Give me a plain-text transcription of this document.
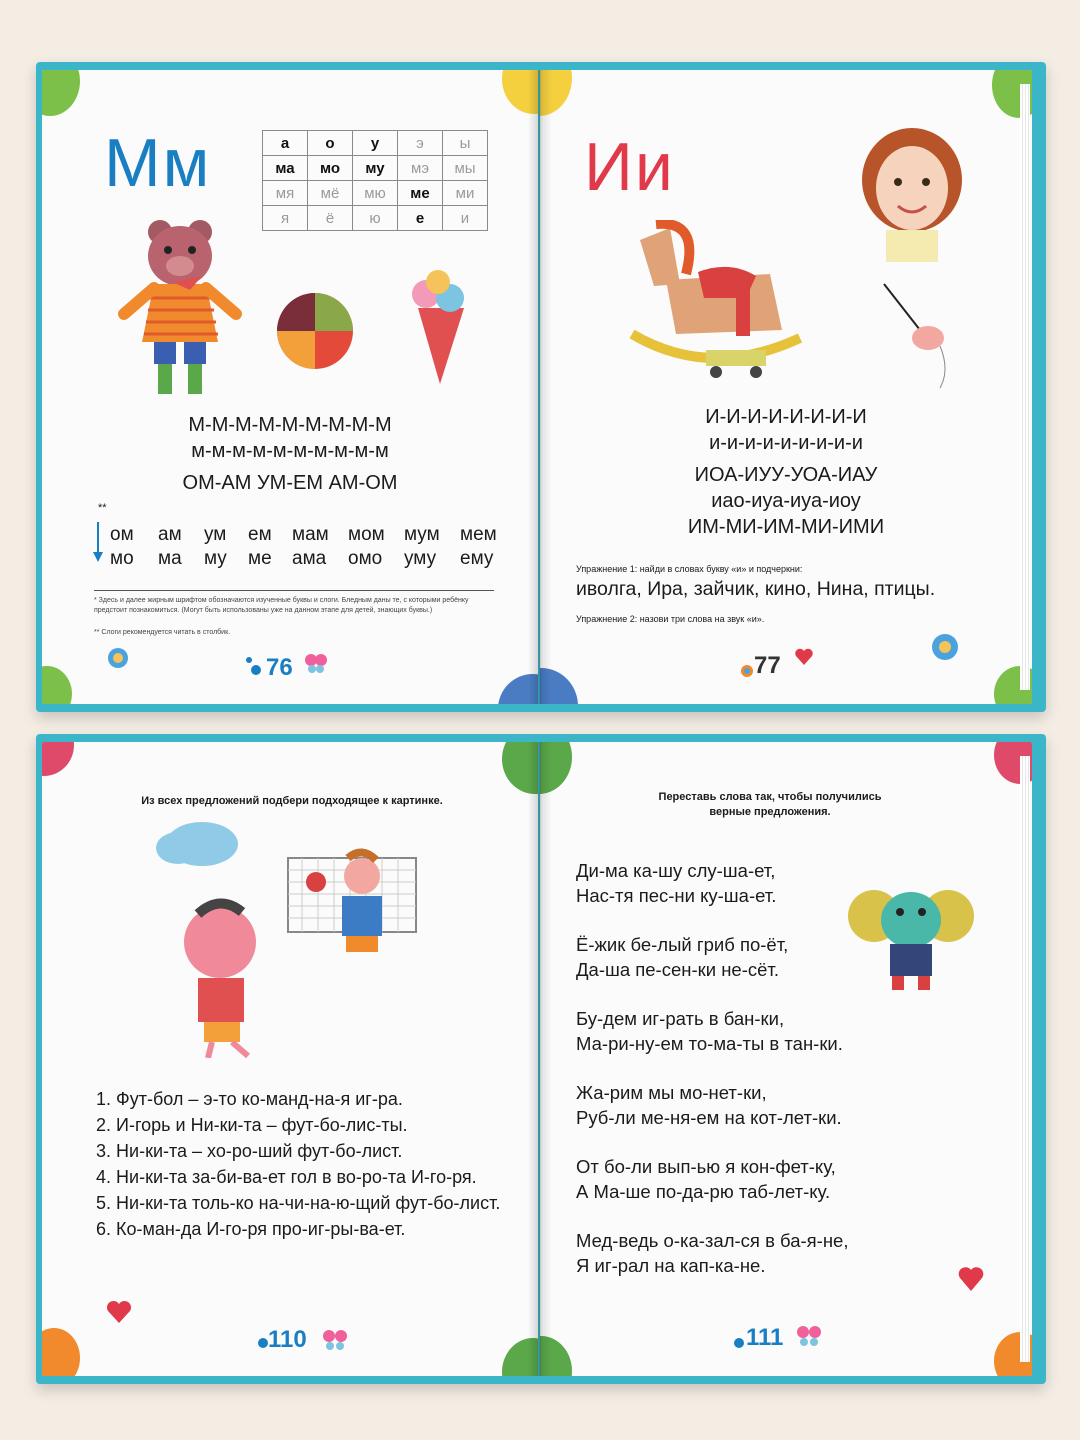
Мм	а	о	у	э	ы
ма	мо	му	мэ	мы
мя	мё	мю	ме	ми
я	ё	ю	е	и
М-М-М-М-М-М-М-М-М
м-м-м-м-м-м-м-м-м-м
ОМ-АМ УМ-ЕМ АМ-ОМ
**
ом	ам	ум	ем	мам	мом	мум	мем
мо	ма	му	ме	ама	омо	уму	ему
* Здесь и далее жирным шрифтом обозначаются изученные буквы и слоги. Бледным даны те, с которыми ребёнку предстоит познакомиться. (Могут быть использованы уже на данном этапе для детей, знающих буквы.)
** Слоги рекомендуется читать в столбик.
76
Ии
И-И-И-И-И-И-И-И
и-и-и-и-и-и-и-и-и
ИОА-ИУУ-УОА-ИАУ
иао-иуа-иуа-иоу
ИМ-МИ-ИМ-МИ-ИМИ
Упражнение 1: найди в словах букву «и» и подчеркни:
иволга, Ира, зайчик, кино, Нина, птицы.
Упражнение 2: назови три слова на звук «и».
77
Из всех предложений подбери подходящее к картинке.
1. Фут-бол – э-то ко-манд-на-я иг-ра.
2. И-горь и Ни-ки-та – фут-бо-лис-ты.
3. Ни-ки-та – хо-ро-ший фут-бо-лист.
4. Ни-ки-та за-би-ва-ет гол в во-ро-та И-го-ря.
5. Ни-ки-та толь-ко на-чи-на-ю-щий фут-бо-лист.
6. Ко-ман-да И-го-ря про-иг-ры-ва-ет.
110
Переставь слова так, чтобы получились
верные предложения.

Ди-ма ка-шу слу-ша-ет,
Нас-тя пес-ни ку-ша-ет.

Ё-жик бе-лый гриб по-ёт,
Да-ша пе-сен-ки не-сёт.

Бу-дем иг-рать в бан-ки,
Ма-ри-ну-ем то-ма-ты в тан-ки.

Жа-рим мы мо-нет-ки,
Руб-ли ме-ня-ем на кот-лет-ки.

От бо-ли вып-ью я кон-фет-ку,
А Ма-ше по-да-рю таб-лет-ку.

Мед-ведь о-ка-зал-ся в ба-я-не,
Я иг-рал на кап-ка-не.

111
